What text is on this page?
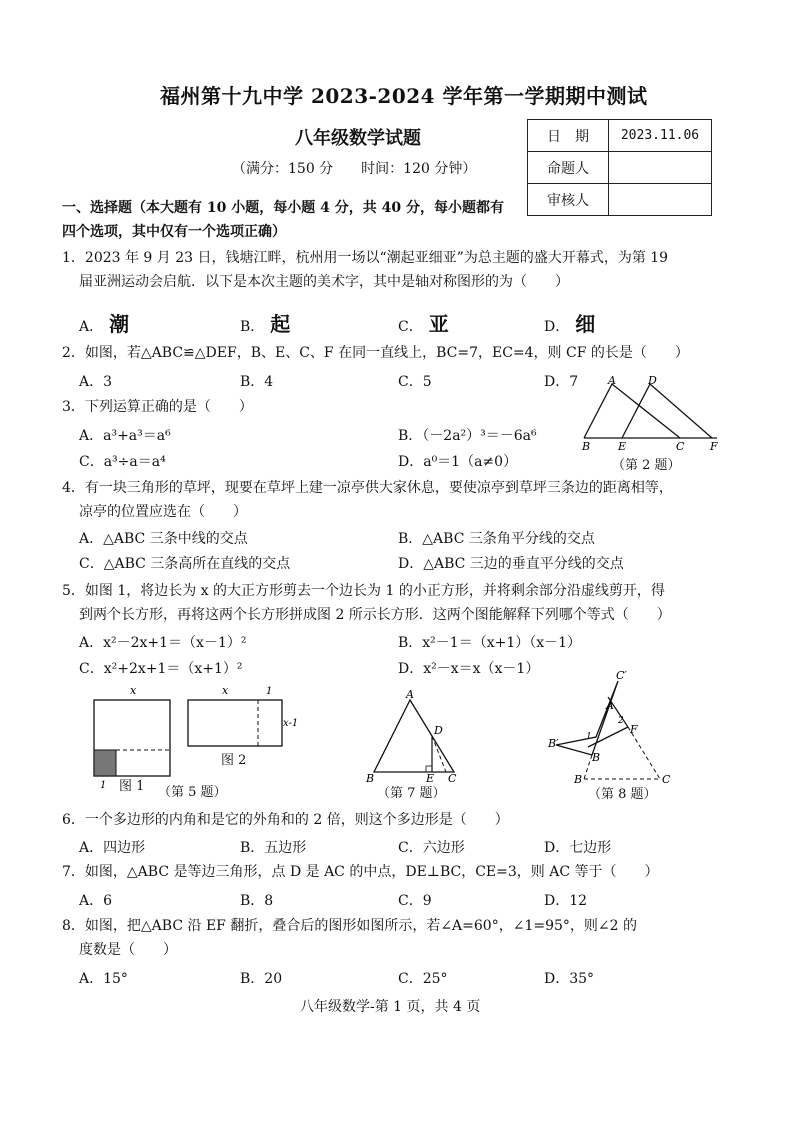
福州第十九中学 2023-2024 学年第一学期期中测试
八年级数学试题
（满分：150 分　　时间：120 分钟）
日　期	2023.11.06
命题人	
审核人	
一、选择题（本大题有 10 小题，每小题 4 分，共 40 分，每小题都有
四个选项，其中仅有一个选项正确）
1．2023 年 9 月 23 日，钱塘江畔，杭州用一场以“潮起亚细亚”为总主题的盛大开幕式，为第 19
届亚洲运动会启航．以下是本次主题的美术字，其中是轴对称图形的为（　　）
A． 潮	B． 起	C． 亚	D． 细
2．如图，若△ABC≌△DEF，B、E、C、F 在同一直线上，BC=7，EC=4，则 CF 的长是（　　）
A．3	B．4	C．5	D．7
B	E	C F
A	D
（第 2 题）
3．下列运算正确的是（　　）
A．a³+a³＝a⁶	B．（－2a²）³＝－6a⁶
C．a³÷a＝a⁴	D．a⁰＝1（a≠0）
4．有一块三角形的草坪，现要在草坪上建一凉亭供大家休息，要使凉亭到草坪三条边的距离相等，
凉亭的位置应选在（　　）
A．△ABC 三条中线的交点	B．△ABC 三条角平分线的交点
C．△ABC 三条高所在直线的交点	D．△ABC 三边的垂直平分线的交点
5．如图 1，将边长为 x 的大正方形剪去一个边长为 1 的小正方形，并将剩余部分沿虚线剪开，得
到两个长方形，再将这两个长方形拼成图 2 所示长方形．这两个图能解释下列哪个等式（　　）
A．x²－2x+1＝（x－1）²	B．x²－1＝（x+1）（x－1）
C．x²+2x+1＝（x+1）²	D．x²－x＝x（x－1）
x
1
x	1
x-1
图 1
图 2
（第 5 题）
A
D
B	E C
（第 7 题）
C′
A
B′
F
B
1
2
B	C
（第 8 题）
6．一个多边形的内角和是它的外角和的 2 倍，则这个多边形是（　　）
A．四边形	B．五边形	C．六边形	D．七边形
7．如图，△ABC 是等边三角形，点 D 是 AC 的中点，DE⊥BC，CE=3，则 AC 等于（　　）
A．6	B．8	C．9	D．12
8．如图，把△ABC 沿 EF 翻折，叠合后的图形如图所示，若∠A=60°，∠1=95°，则∠2 的
度数是（　　）
A．15°	B．20	C．25°	D．35°
八年级数学-第 1 页，共 4 页
